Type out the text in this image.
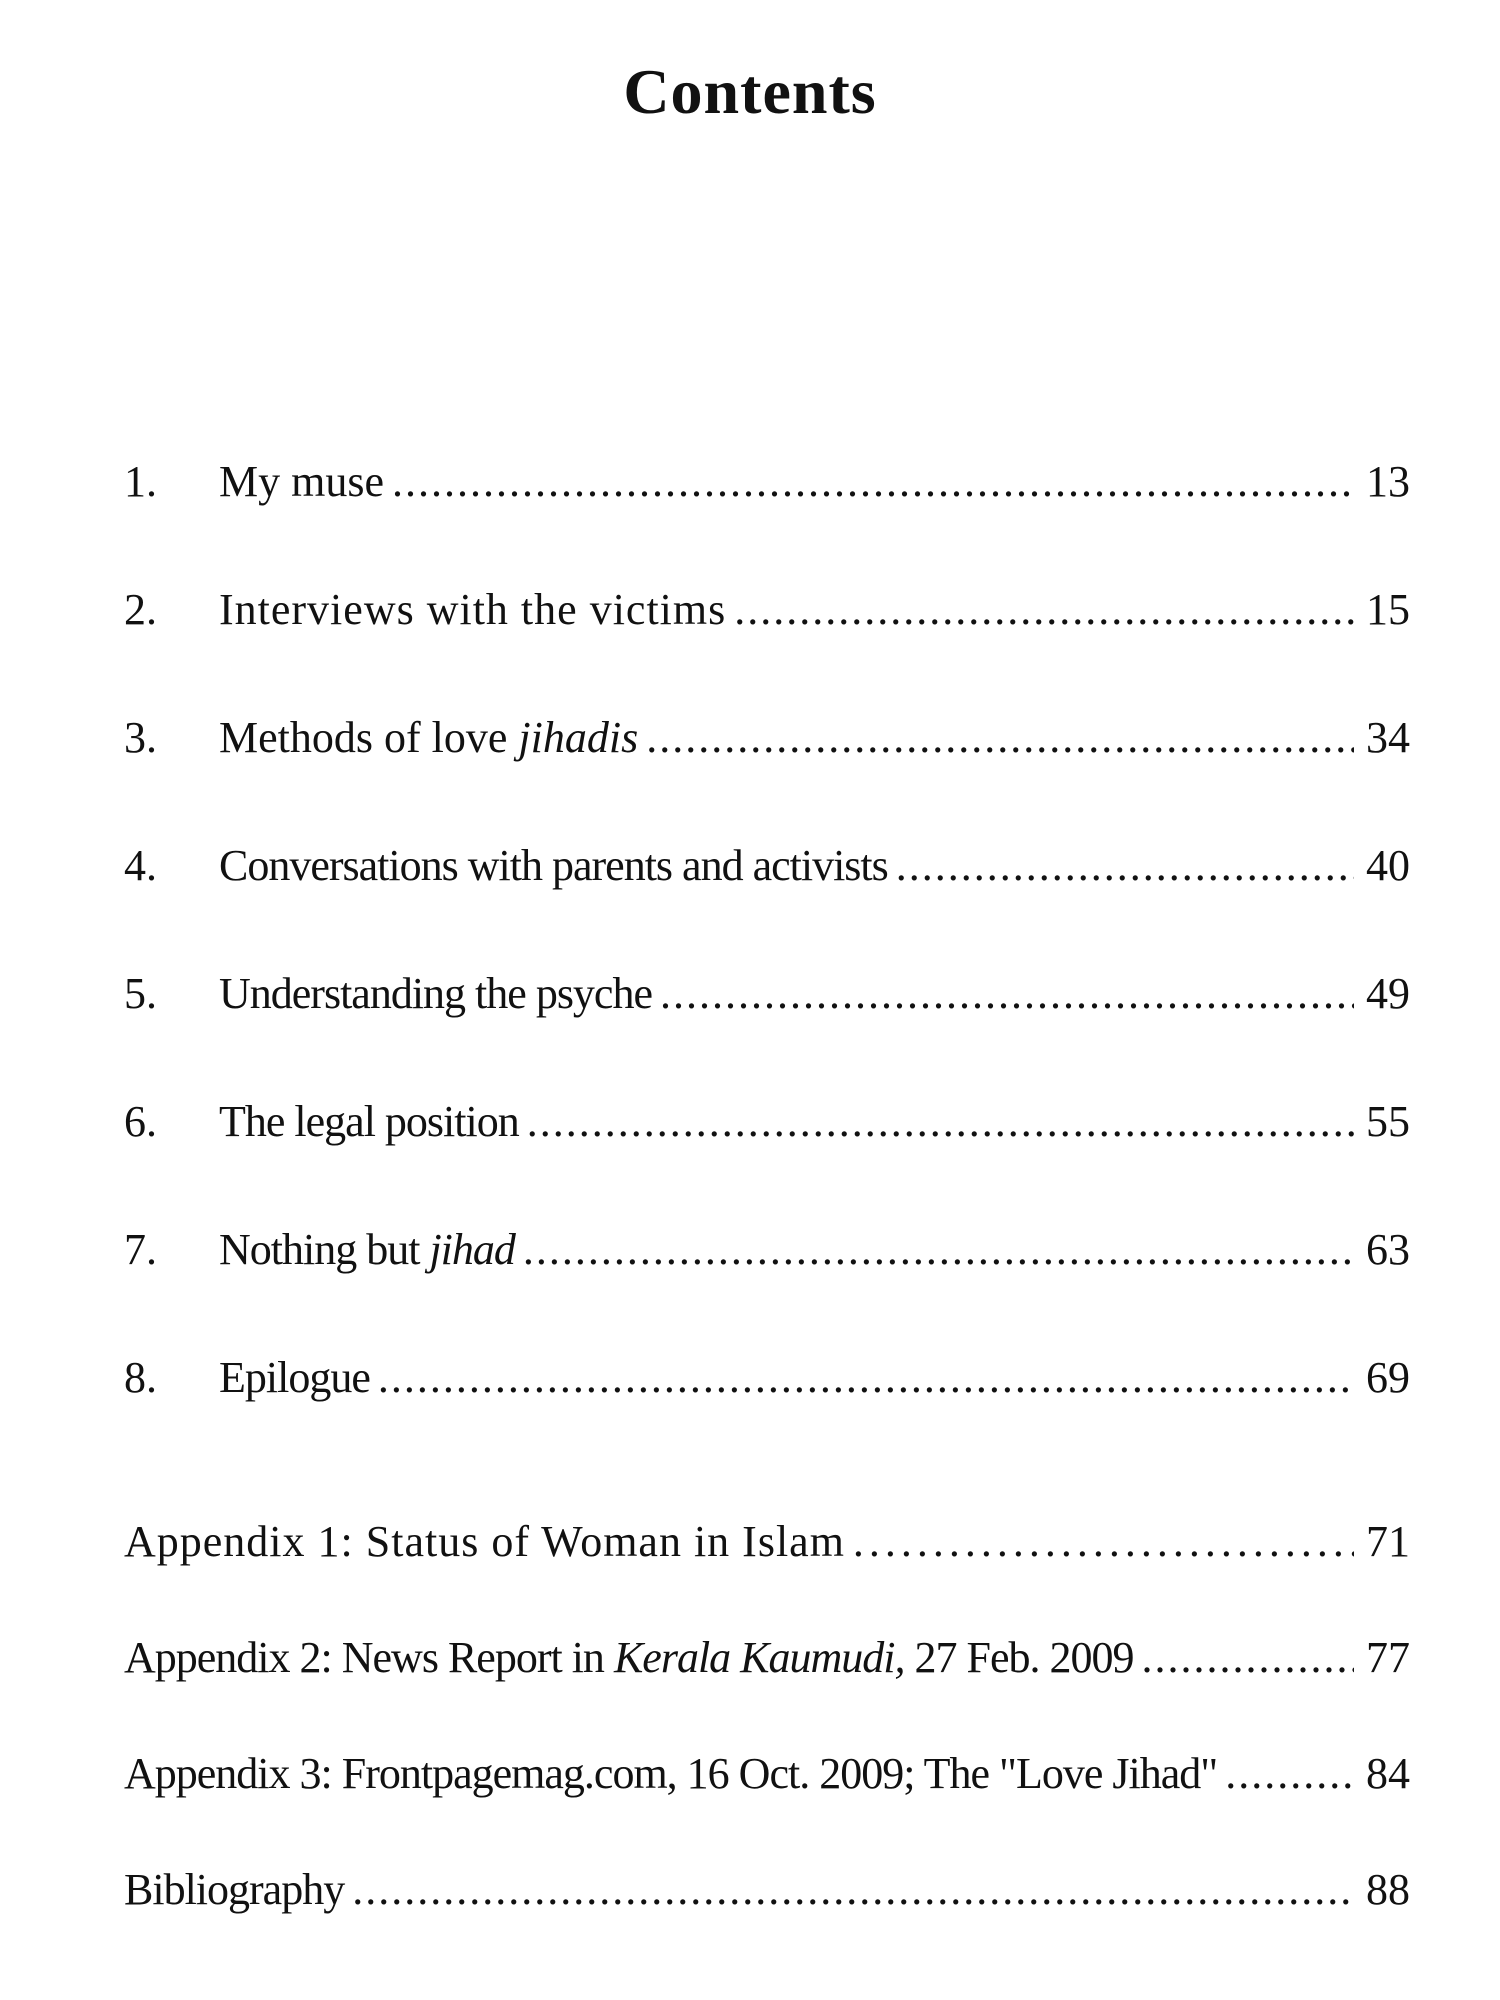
Contents
1.	My muse .....	13
2.	Interviews with the victims .....	15
3.	Methods of love jihadis .....	34
4.	Conversations with parents and activists .....	40
5.	Understanding the psyche .....	49
6.	The legal position .....	55
7.	Nothing but jihad .....	63
8.	Epilogue .....	69
Appendix 1: Status of Woman in Islam .....	71
Appendix 2: News Report in Kerala Kaumudi, 27 Feb. 2009 .....	77
Appendix 3: Frontpagemag.com, 16 Oct. 2009; The "Love Jihad" .....	84
Bibliography .....	88
